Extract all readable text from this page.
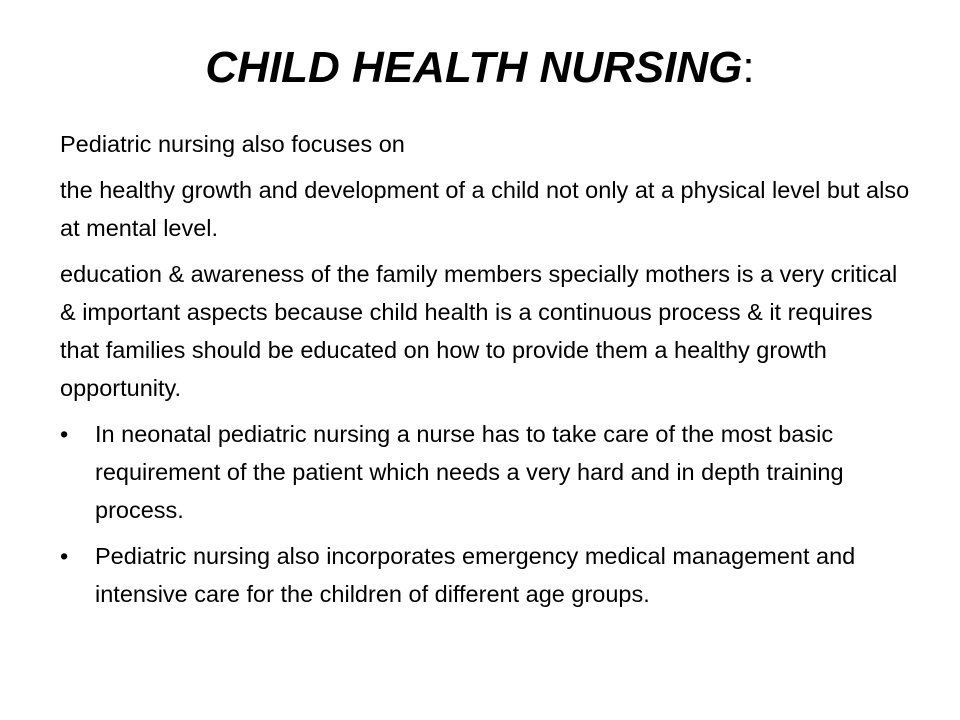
CHILD HEALTH NURSING:

Pediatric nursing also focuses on

the healthy growth and development of a child not only at a physical level but also at mental level.

education & awareness of the family members specially mothers is a very critical & important aspects because child health is a continuous process & it requires that families should be educated on how to provide them a healthy growth opportunity.

•	In neonatal pediatric nursing a nurse has to take care of the most basic requirement of the patient which needs a very hard and in depth training process.
•	Pediatric nursing also incorporates emergency medical management and intensive care for the children of different age groups.
